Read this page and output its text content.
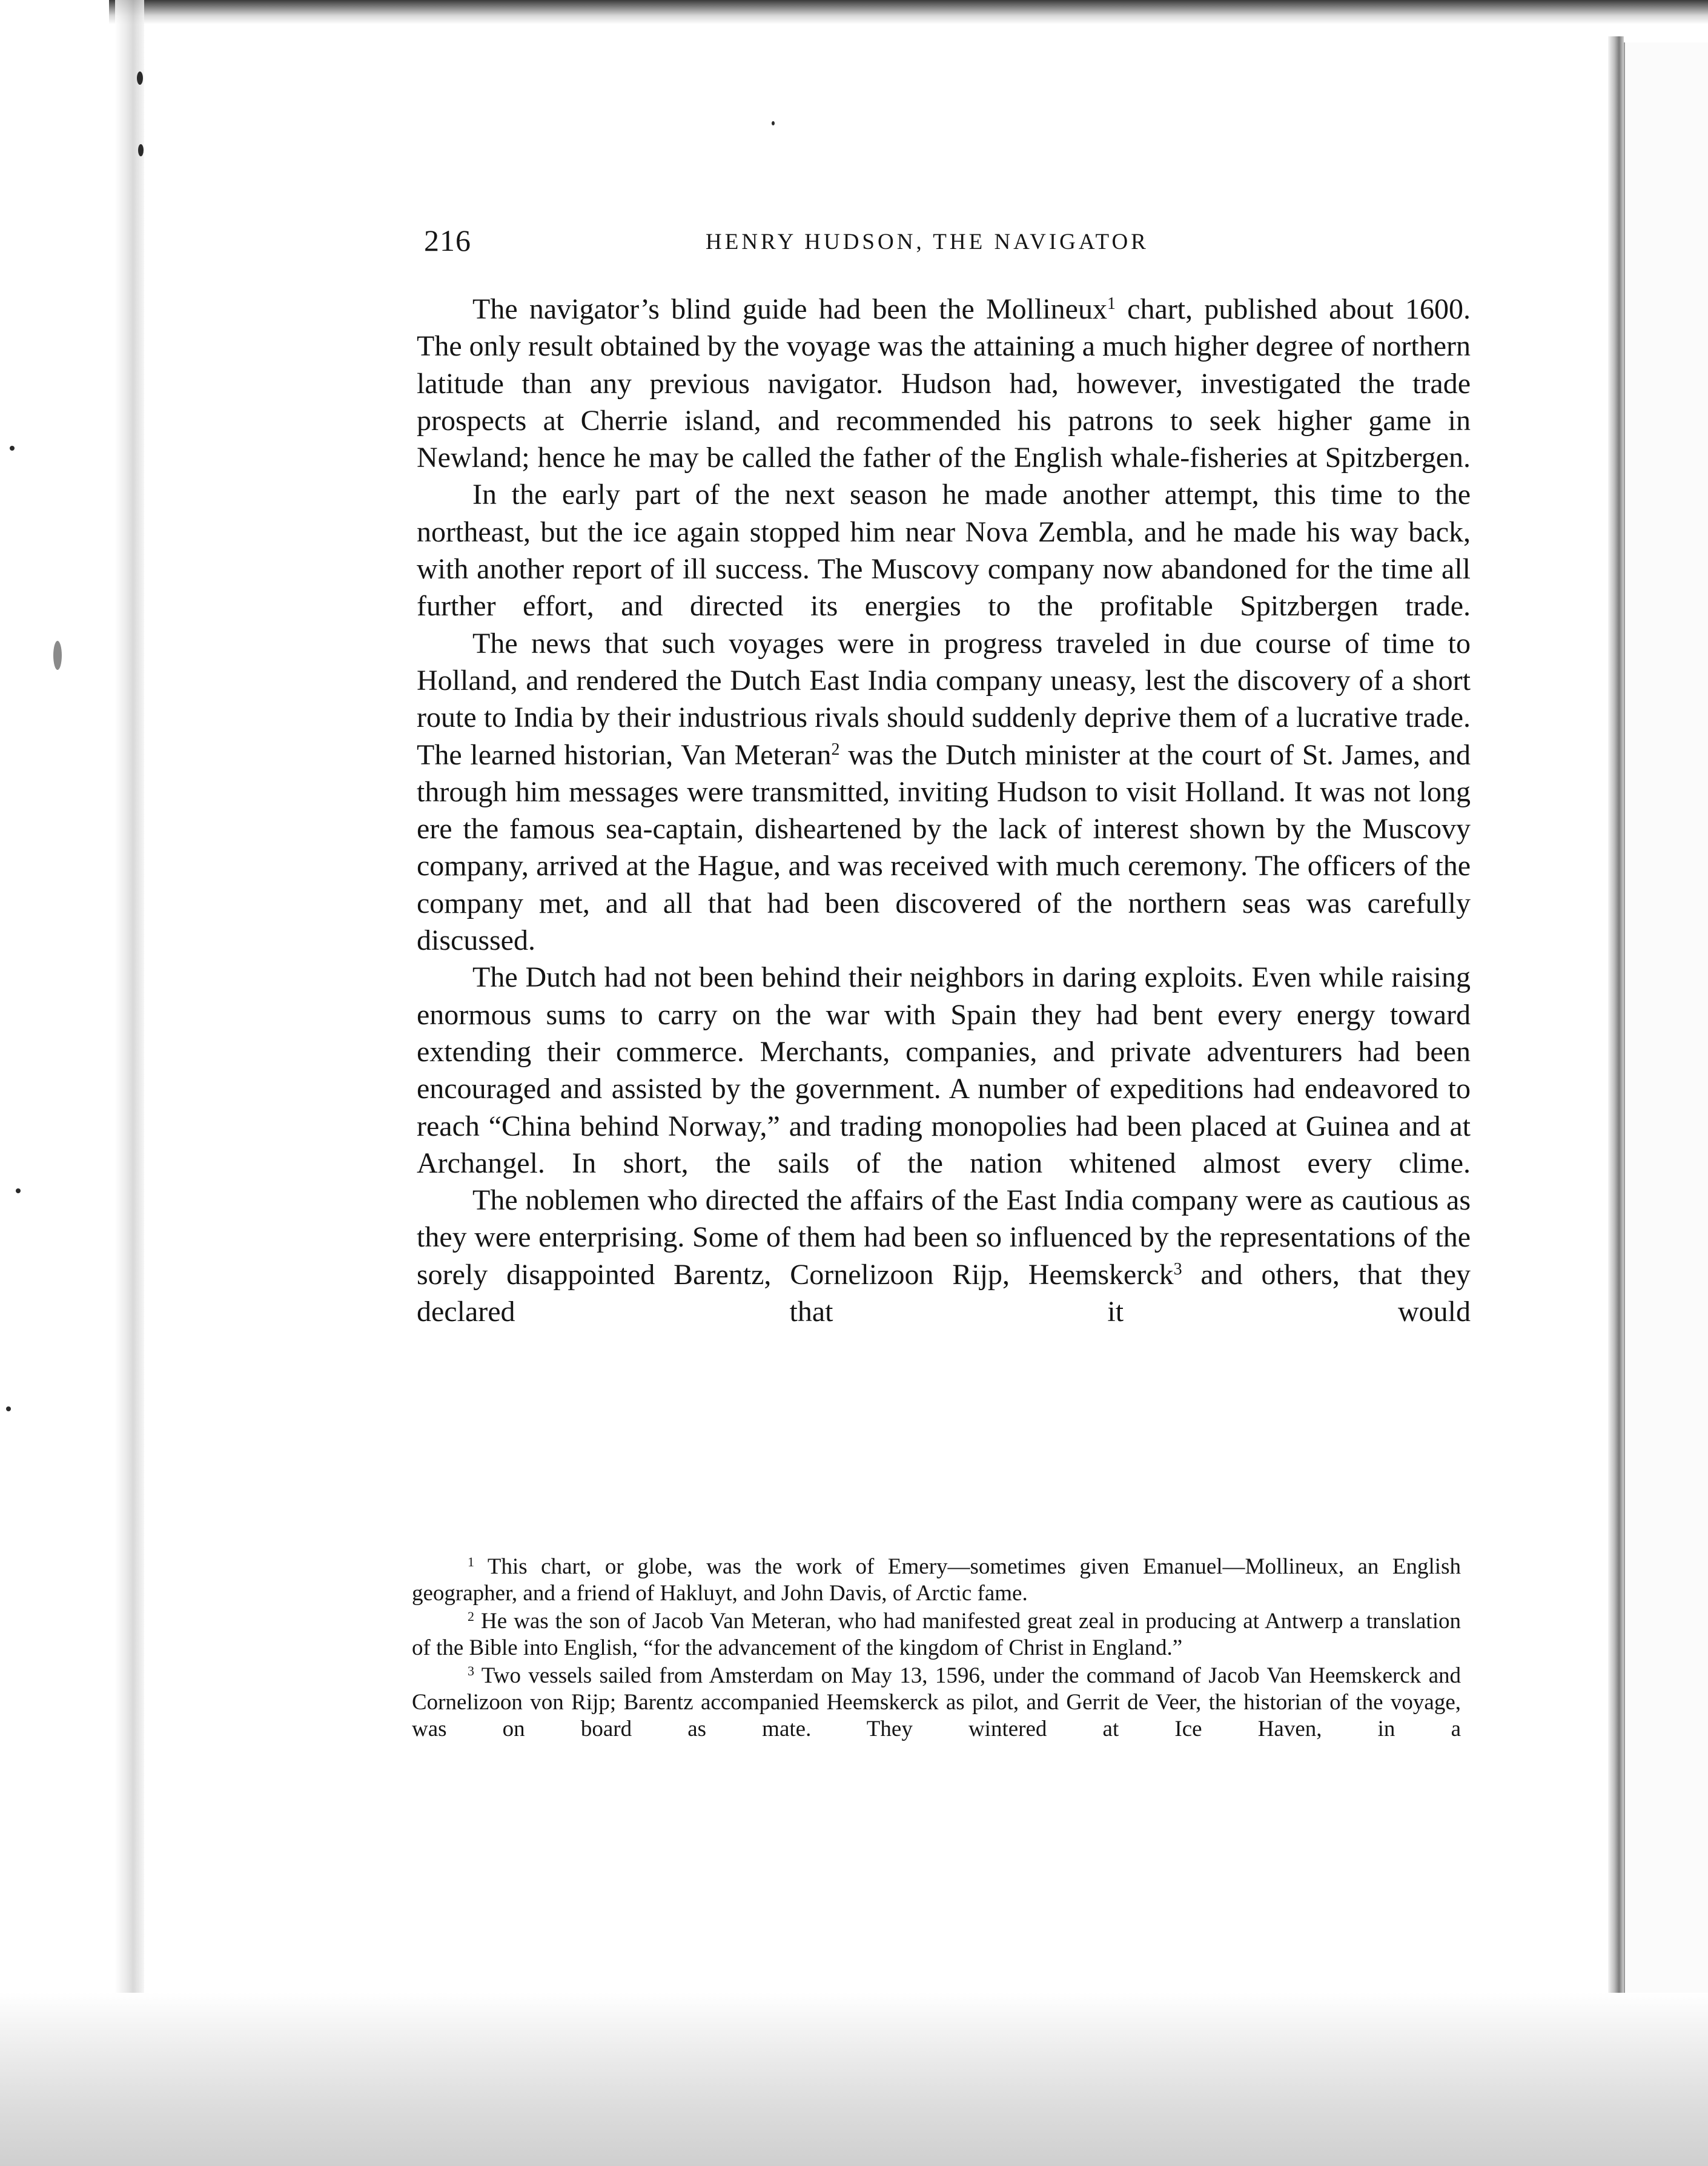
216	HENRY HUDSON, THE NAVIGATOR

The navigator’s blind guide had been the Mollineux$^1$ chart, published about 1600. The only result obtained by the voyage was the attaining a much higher degree of northern latitude than any previous navigator. Hudson had, however, investigated the trade prospects at Cherrie island, and recommended his patrons to seek higher game in Newland; hence he may be called the father of the English whale-fisheries at Spitzbergen.

In the early part of the next season he made another attempt, this time to the northeast, but the ice again stopped him near Nova Zembla, and he made his way back, with another report of ill success. The Muscovy company now abandoned for the time all further effort, and directed its energies to the profitable Spitzbergen trade.

The news that such voyages were in progress traveled in due course of time to Holland, and rendered the Dutch East India company uneasy, lest the discovery of a short route to India by their industrious rivals should suddenly deprive them of a lucrative trade. The learned historian, Van Meteran$^2$ was the Dutch minister at the court of St. James, and through him messages were transmitted, inviting Hudson to visit Holland. It was not long ere the famous sea-captain, disheartened by the lack of interest shown by the Muscovy company, arrived at the Hague, and was received with much ceremony. The officers of the company met, and all that had been discovered of the northern seas was carefully discussed.

The Dutch had not been behind their neighbors in daring exploits. Even while raising enormous sums to carry on the war with Spain they had bent every energy toward extending their commerce. Merchants, companies, and private adventurers had been encouraged and assisted by the government. A number of expeditions had endeavored to reach “China behind Norway,” and trading monopolies had been placed at Guinea and at Archangel. In short, the sails of the nation whitened almost every clime.

The noblemen who directed the affairs of the East India company were as cautious as they were enterprising. Some of them had been so influenced by the representations of the sorely disappointed Barentz, Cornelizoon Rijp, Heemskerck$^3$ and others, that they declared that it would

$^1$ This chart, or globe, was the work of Emery—sometimes given Emanuel—Mollineux, an English geographer, and a friend of Hakluyt, and John Davis, of Arctic fame.

$^2$ He was the son of Jacob Van Meteran, who had manifested great zeal in producing at Antwerp a translation of the Bible into English, “for the advancement of the kingdom of Christ in England.”

$^3$ Two vessels sailed from Amsterdam on May 13, 1596, under the command of Jacob Van Heemskerck and Cornelizoon von Rijp; Barentz accompanied Heemskerck as pilot, and Gerrit de Veer, the historian of the voyage, was on board as mate. They wintered at Ice Haven, in a
